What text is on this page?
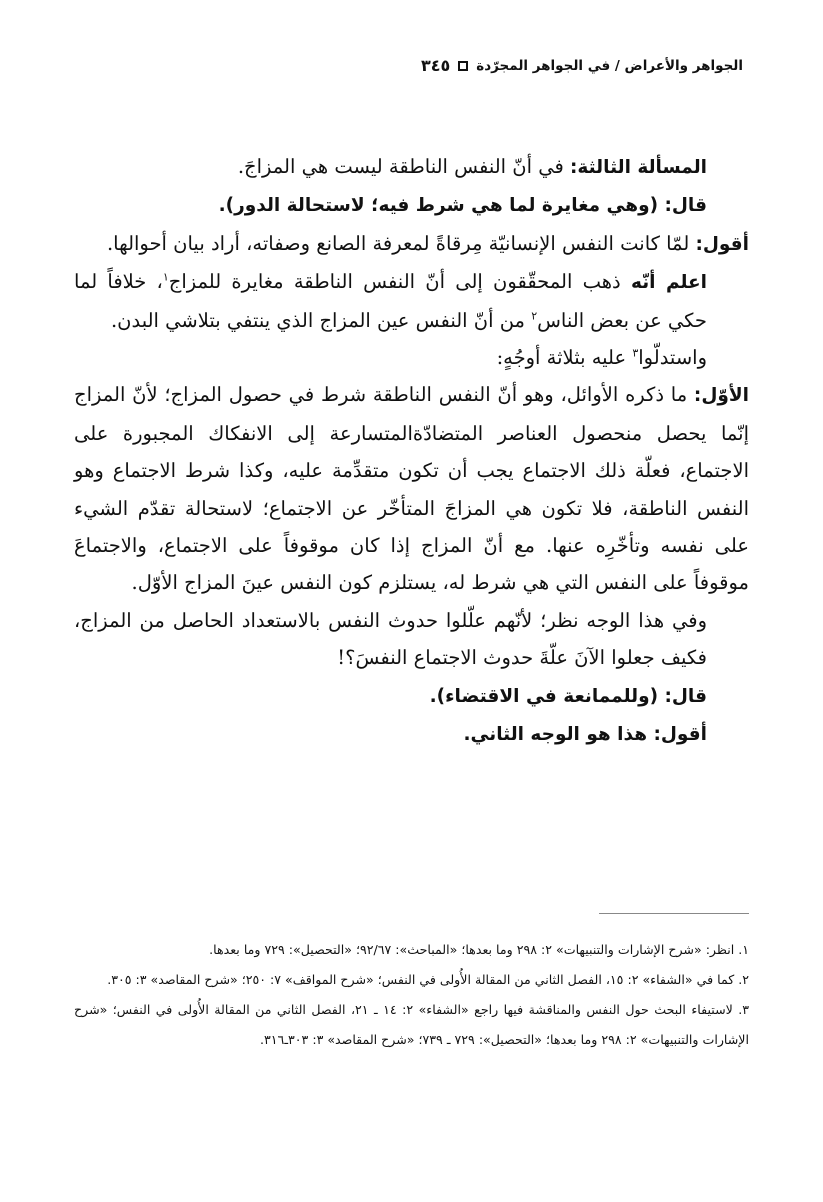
الجواهر والأعراض / في الجواهر المجرّدة
٣٤٥

المسألة الثالثة: في أنّ النفس الناطقة ليست هي المزاجَ.

قال: (وهي مغايرة لما هي شرط فيه؛ لاستحالة الدور).

أقول: لمّا كانت النفس الإنسانيّة مِرقاةً لمعرفة الصانع وصفاته، أراد بيان أحوالها.

اعلم أنّه ذهب المحقّقون إلى أنّ النفس الناطقة مغايرة للمزاج$^١$، خلافاً لما حكي عن بعض الناس$^٢$ من أنّ النفس عين المزاج الذي ينتفي بتلاشي البدن.

واستدلّوا$^٣$ عليه بثلاثة أوجُهٍ:

الأوّل: ما ذكره الأوائل، وهو أنّ النفس الناطقة شرط في حصول المزاج؛ لأنّ المزاج إنّما يحصل منحصول العناصر المتضادّةالمتسارعة إلى الانفكاك المجبورة على الاجتماع، فعلّة ذلك الاجتماع يجب أن تكون متقدِّمة عليه، وكذا شرط الاجتماع وهو النفس الناطقة، فلا تكون هي المزاجَ المتأخّر عن الاجتماع؛ لاستحالة تقدّم الشيء على نفسه وتأخّرِه عنها. مع أنّ المزاج إذا كان موقوفاً على الاجتماع، والاجتماعَ موقوفاً على النفس التي هي شرط له، يستلزم كون النفس عينَ المزاج الأوّل.

وفي هذا الوجه نظر؛ لأنّهم علّلوا حدوث النفس بالاستعداد الحاصل من المزاج، فكيف جعلوا الآنَ علّةَ حدوث الاجتماع النفسَ؟!

قال: (وللممانعة في الاقتضاء).

أقول: هذا هو الوجه الثاني.

١. انظر: «شرح الإشارات والتنبيهات» ٢: ٢٩٨ وما بعدها؛ «المباحث»: ٩٢/٦٧؛ «التحصيل»: ٧٢٩ وما بعدها.

٢. كما في «الشفاء» ٢: ١٥، الفصل الثاني من المقالة الأُولى في النفس؛ «شرح المواقف» ٧: ٢٥٠؛ «شرح المقاصد» ٣: ٣٠٥.

٣. لاستيفاء البحث حول النفس والمناقشة فيها راجع «الشفاء» ٢: ١٤ ـ ٢١، الفصل الثاني من المقالة الأُولى في النفس؛ «شرح الإشارات والتنبيهات» ٢: ٢٩٨ وما بعدها؛ «التحصيل»: ٧٢٩ ـ ٧٣٩؛ «شرح المقاصد» ٣: ٣٠٣ـ٣١٦.
